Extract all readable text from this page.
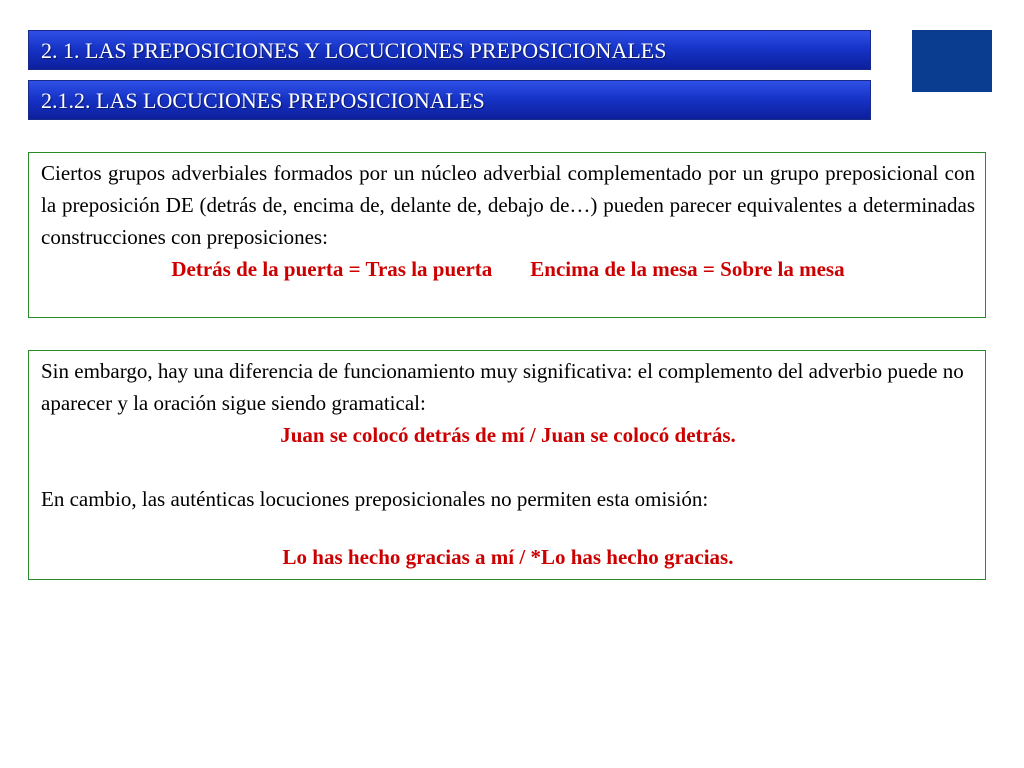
2. 1. LAS PREPOSICIONES Y LOCUCIONES PREPOSICIONALES
2.1.2. LAS LOCUCIONES PREPOSICIONALES
Ciertos grupos adverbiales formados por un núcleo adverbial complementado por un grupo preposicional con la preposición DE (detrás de, encima de, delante de, debajo de…) pueden parecer equivalentes a determinadas construcciones con preposiciones:
Detrás de la puerta = Tras la puerta Encima de la mesa = Sobre la mesa
Sin embargo, hay una diferencia de funcionamiento muy significativa: el complemento del adverbio puede no aparecer y la oración sigue siendo gramatical:
Juan se colocó detrás de mí / Juan se colocó detrás.
En cambio, las auténticas locuciones preposicionales no permiten esta omisión:
Lo has hecho gracias a mí / *Lo has hecho gracias.
